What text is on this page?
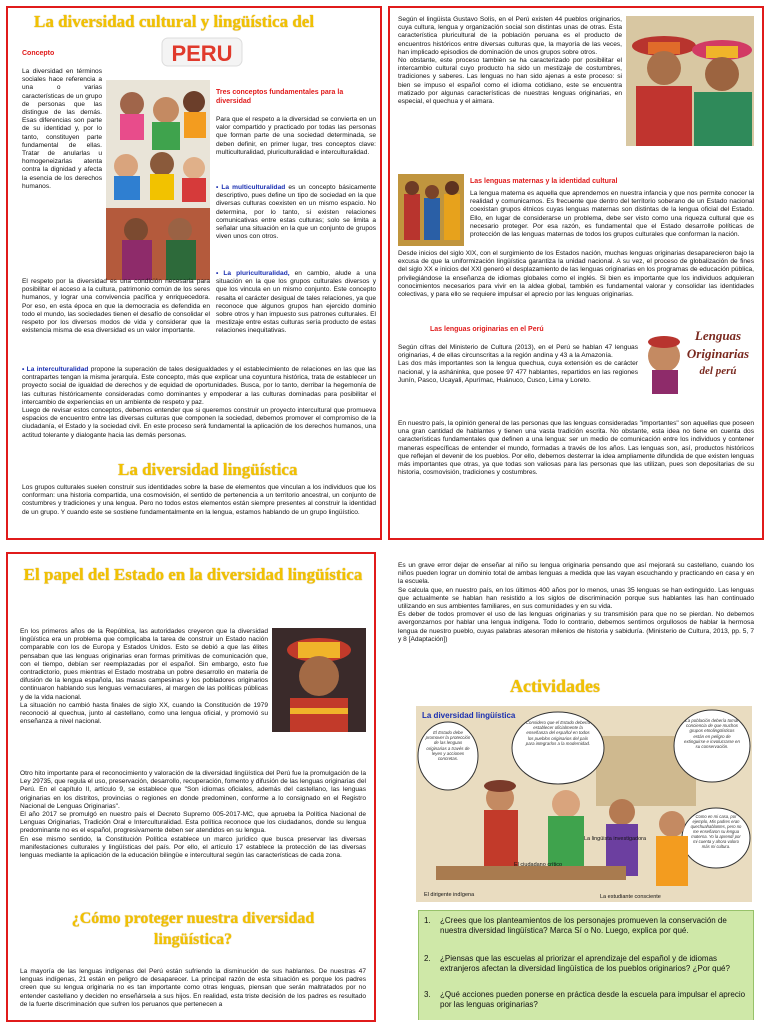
La diversidad cultural y lingüística del
PERU
Concepto

La diversidad en términos sociales hace referencia a una o varias características de un grupo de personas que las distingue de las demás. Esas diferencias son parte de su identidad y, por lo tanto, constituyen parte fundamental de ellas. Tratar de anularlas u homogeneizarlas atenta contra la dignidad y afecta la esencia de los derechos humanos.

Tres conceptos fundamentales para la diversidad

Para que el respeto a la diversidad se convierta en un valor compartido y practicado por todas las personas que forman parte de una sociedad determinada, se deben definir, en primer lugar, tres conceptos clave: multiculturalidad, pluriculturalidad e interculturalidad.

• La multiculturalidad es un concepto básicamente descriptivo, pues define un tipo de sociedad en la que diversas culturas coexisten en un mismo espacio. No determina, por lo tanto, si existen relaciones comunicativas entre estas culturas; solo se limita a señalar una situación en la que un conjunto de grupos viven unos con otros.

• La pluriculturalidad, en cambio, alude a una situación en la que los grupos culturales diversos y que los vincula en un mismo conjunto. Este concepto resalta el carácter desigual de tales relaciones, ya que reconoce que algunos grupos han ejercido dominio sobre otros y han impuesto sus patrones culturales. El mestizaje entre estas culturas sería producto de estas relaciones inequitativas.

El respeto por la diversidad es una condición necesaria para posibilitar el acceso a la cultura, patrimonio común de los seres humanos, y lograr una convivencia pacífica y enriquecedora. Por eso, en esta época en que la democracia es defendida en todo el mundo, las sociedades tienen el desafío de consolidar el respeto por los diversos modos de vida y considerar que la existencia misma de esa diversidad es un valor importante.

• La interculturalidad propone la superación de tales desigualdades y el establecimiento de relaciones en las que las contrapartes tengan la misma jerarquía. Este concepto, más que explicar una coyuntura histórica, trata de establecer un proyecto social de igualdad de derechos y de equidad de oportunidades. Busca, por lo tanto, derribar la hegemonía de las culturas históricamente consideradas como dominantes y empoderar a las culturas dominadas para posibilitar el intercambio de experiencias en un ambiente de respeto y paz.
Luego de revisar estos conceptos, debemos entender que si queremos construir un proyecto intercultural que promueva espacios de encuentro entre las diversas culturas que componen la sociedad, debemos promover el compromiso de la ciudadanía, el Estado y la sociedad civil. En este proceso será fundamental la aplicación de los derechos humanos, una actitud tolerante y dialogante hacia las demás personas.

La diversidad lingüística

Los grupos culturales suelen construir sus identidades sobre la base de elementos que vinculan a los individuos que los conforman: una historia compartida, una cosmovisión, el sentido de pertenencia a un territorio ancestral, un conjunto de costumbres y tradiciones y una lengua. Pero no todos estos elementos están siempre presentes al construir la identidad de un grupo. Y cuando este se sostiene fundamentalmente en la lengua, estamos hablando de un grupo lingüístico.

Según el lingüista Gustavo Solís, en el Perú existen 44 pueblos originarios, cuya cultura, lengua y organización social son distintas unas de otras. Esta característica pluricultural de la población peruana es el producto de encuentros históricos entre diversas culturas que, la mayoría de las veces, han implicado episodios de dominación de unos grupos sobre otros.
No obstante, este proceso también se ha caracterizado por posibilitar el intercambio cultural cuyo producto ha sido un mestizaje de costumbres, tradiciones y saberes. Las lenguas no han sido ajenas a este proceso: si bien se impuso el español como el idioma cotidiano, este se encuentra matizado por algunas características de nuestras lenguas originarias, en especial, el quechua y el aimara.

Las lenguas maternas y la identidad cultural

La lengua materna es aquella que aprendemos en nuestra infancia y que nos permite conocer la realidad y comunicarnos. Es frecuente que dentro del territorio soberano de un Estado nacional coexistan grupos étnicos cuyas lenguas maternas son distintas de la lengua oficial del Estado. Ello, en lugar de considerarse un problema, debe ser visto como una riqueza cultural que es necesario proteger. Por esa razón, es fundamental que el Estado desarrolle políticas de protección de las lenguas maternas de todos los grupos culturales que conforman la nación.

Desde inicios del siglo XIX, con el surgimiento de los Estados nación, muchas lenguas originarias desaparecieron bajo la excusa de que la uniformización lingüística garantiza la unidad nacional. A su vez, el proceso de globalización de fines del siglo XX e inicios del XXI generó el desplazamiento de las lenguas originarias en los programas de educación pública, privilegiándose la enseñanza de idiomas globales como el inglés. Si bien es importante que los individuos adquieran conocimientos necesarios para vivir en la aldea global, también es fundamental valorar y consolidar las identidades colectivas, y para ello se requiere impulsar el aprecio por las lenguas originarias.

Las lenguas originarias en el Perú

Según cifras del Ministerio de Cultura (2013), en el Perú se hablan 47 lenguas originarias, 4 de ellas circunscritas a la región andina y 43 a la Amazonía.
Las dos más importantes son la lengua quechua, cuya extensión es de carácter nacional, y la asháninka, que posee 97 477 hablantes, repartidos en las regiones Junín, Pasco, Ucayali, Apurímac, Huánuco, Cusco, Lima y Loreto.

Lenguas
Originarias
del perú

En nuestro país, la opinión general de las personas que las lenguas consideradas "importantes" son aquellas que poseen una gran cantidad de hablantes y tienen una vasta tradición escrita. No obstante, esta idea no tiene en cuenta dos características fundamentales que definen a una lengua: ser un medio de comunicación entre los individuos y contener maneras específicas de entender el mundo, formadas a través de los años. Las lenguas son, así, productos históricos que reflejan el devenir de los pueblos. Por ello, debemos desterrar la idea ampliamente difundida de que existen lenguas más importantes que otras, ya que todas son valiosas para las personas que las utilizan, pues son depositarias de su historia, cosmovisión, tradiciones y costumbres.

El papel del Estado en la diversidad lingüística

En los primeros años de la República, las autoridades creyeron que la diversidad lingüística era un problema que complicaba la tarea de construir un Estado nación comparable con los de Europa y Estados Unidos. Esto se debió a que las élites pensaban que las lenguas originarias eran formas primitivas de comunicación que, con el tiempo, debían ser reemplazadas por el español. Sin embargo, esto fue contradictorio, pues mientras el Estado mostraba un pobre desarrollo en materia de difusión de la lengua española, las masas campesinas y los pobladores originarios continuaron hablando sus lenguas vernaculares, al margen de las políticas públicas y de la vida nacional.
La situación no cambió hasta finales de siglo XX, cuando la Constitución de 1979 reconoció al quechua, junto al castellano, como una lengua oficial, y promovió su enseñanza a nivel nacional.

Otro hito importante para el reconocimiento y valoración de la diversidad lingüística del Perú fue la promulgación de la Ley 29735, que regula el uso, preservación, desarrollo, recuperación, fomento y difusión de las lenguas originarias del Perú. En el capítulo II, artículo 9, se establece que "Son idiomas oficiales, además del castellano, las lenguas originarias en los distritos, provincias o regiones en donde predominen, conforme a lo consignado en el Registro Nacional de Lenguas Originarias".
El año 2017 se promulgó en nuestro país el Decreto Supremo 005-2017-MC, que aprueba la Política Nacional de Lenguas Originarias, Tradición Oral e Interculturalidad. Esta política reconoce que los ciudadanos, donde su lengua predominante no es el español, progresivamente deben ser atendidos en su lengua.
En ese mismo sentido, la Constitución Política establece un marco jurídico que busca preservar las diversas manifestaciones culturales y lingüísticas del país. Por ello, el artículo 17 establece la protección de las diversas lenguas mediante la aplicación de la educación bilingüe e intercultural según las características de cada zona.

¿Cómo proteger nuestra diversidad lingüística?

La mayoría de las lenguas indígenas del Perú están sufriendo la disminución de sus hablantes. De nuestras 47 lenguas indígenas, 21 están en peligro de desaparecer. La principal razón de esta situación es porque los padres creen que su lengua originaria no es tan importante como otras lenguas, piensan que serán maltratados por no entender castellano y deciden no enseñársela a sus hijos. En realidad, esta triste decisión de los padres es resultado de la fuerte discriminación que sufren los peruanos que pertenecen a

Es un grave error dejar de enseñar al niño su lengua originaria pensando que así mejorará su castellano, cuando los niños pueden lograr un dominio total de ambas lenguas a medida que las vayan escuchando y practicando en casa y en la escuela.
Se calcula que, en nuestro país, en los últimos 400 años por lo menos, unas 35 lenguas se han extinguido. Las lenguas que actualmente se hablan han resistido a los siglos de discriminación porque sus hablantes las han continuado utilizando en sus ambientes familiares, en sus comunidades y en su vida.
Es deber de todos promover el uso de las lenguas originarias y su transmisión para que no se pierdan. No debemos avergonzarnos por hablar una lengua indígena. Todo lo contrario, debemos sentirnos orgullosos de hablar la hermosa lengua de nuestro pueblo, cuyas palabras atesoran milenios de historia y sabiduría. (Ministerio de Cultura, 2013, pp. 5, 7 y 8 [Adaptación])

Actividades
La diversidad lingüística
El Estado debe promover la protección de las lenguas originarias a través de leyes y acciones concretas.
Considero que el Estado debería establecer oficialmente la enseñanza del español en todos los pueblos originarios del país para integrarlos a la modernidad.
La población debería tomar conciencia de que muchos grupos etnolingüísticos están en peligro de extinguirse e involucrarse en su conservación.
Como en mi casa, por ejemplo, Mis padres eran quechuahablantes, pero no me enseñaron su lengua materna. Yo la aprendí por mi cuenta y ahora valoro más mi cultura.
El dirigente indígena
El ciudadano crítico
La lingüista investigadora
La estudiante consciente
1. ¿Crees que los planteamientos de los personajes promueven la conservación de nuestra diversidad lingüística? Marca Sí o No. Luego, explica por qué.
2. ¿Piensas que las escuelas al priorizar el aprendizaje del español y de idiomas extranjeros afectan la diversidad lingüística de los pueblos originarios? ¿Por qué?
3. ¿Qué acciones pueden ponerse en práctica desde la escuela para impulsar el aprecio por las lenguas originarias?
